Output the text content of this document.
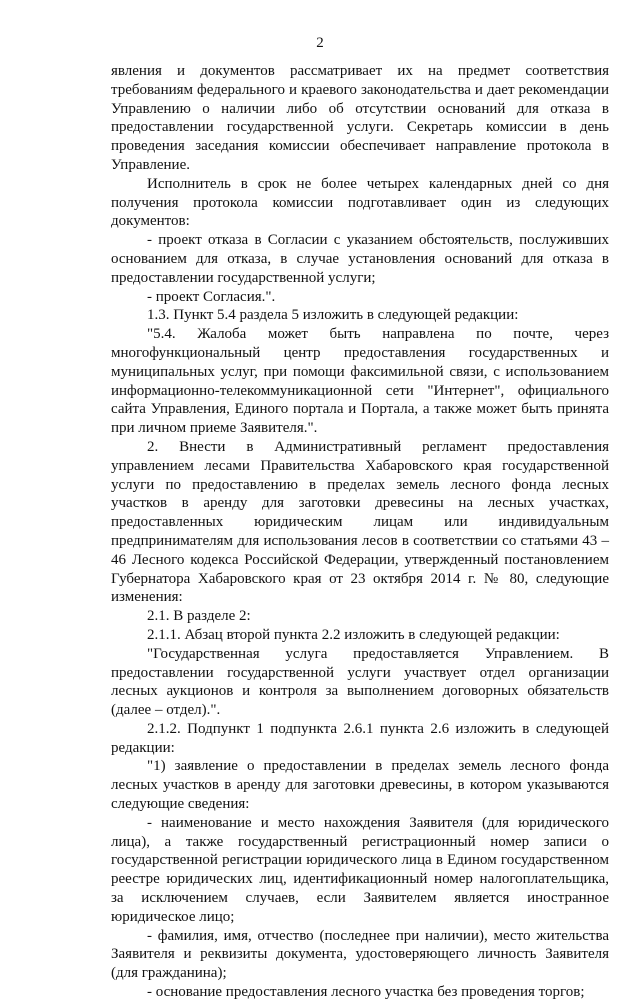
2

явления и документов рассматривает их на предмет соответствия требованиям федерального и краевого законодательства и дает рекомендации Управлению о наличии либо об отсутствии оснований для отказа в предоставлении государственной услуги. Секретарь комиссии в день проведения заседания комиссии обеспечивает направление протокола в Управление.

Исполнитель в срок не более четырех календарных дней со дня получения протокола комиссии подготавливает один из следующих документов:

- проект отказа в Согласии с указанием обстоятельств, послуживших основанием для отказа, в случае установления оснований для отказа в предоставлении государственной услуги;

- проект Согласия.".

1.3. Пункт 5.4 раздела 5 изложить в следующей редакции:

"5.4. Жалоба может быть направлена по почте, через многофункциональный центр предоставления государственных и муниципальных услуг, при помощи факсимильной связи, с использованием информационно-телекоммуникационной сети "Интернет", официального сайта Управления, Единого портала и Портала, а также может быть принята при личном приеме Заявителя.".

2. Внести в Административный регламент предоставления управлением лесами Правительства Хабаровского края государственной услуги по предоставлению в пределах земель лесного фонда лесных участков в аренду для заготовки древесины на лесных участках, предоставленных юридическим лицам или индивидуальным предпринимателям для использования лесов в соответствии со статьями 43 – 46 Лесного кодекса Российской Федерации, утвержденный постановлением Губернатора Хабаровского края от 23 октября 2014 г. № 80, следующие изменения:

2.1. В разделе 2:

2.1.1. Абзац второй пункта 2.2 изложить в следующей редакции:

"Государственная услуга предоставляется Управлением. В предоставлении государственной услуги участвует отдел организации лесных аукционов и контроля за выполнением договорных обязательств (далее – отдел).".

2.1.2. Подпункт 1 подпункта 2.6.1 пункта 2.6 изложить в следующей редакции:

"1) заявление о предоставлении в пределах земель лесного фонда лесных участков в аренду для заготовки древесины, в котором указываются следующие сведения:

- наименование и место нахождения Заявителя (для юридического лица), а также государственный регистрационный номер записи о государственной регистрации юридического лица в Едином государственном реестре юридических лиц, идентификационный номер налогоплательщика, за исключением случаев, если Заявителем является иностранное юридическое лицо;

- фамилия, имя, отчество (последнее при наличии), место жительства Заявителя и реквизиты документа, удостоверяющего личность Заявителя (для гражданина);

- основание предоставления лесного участка без проведения торгов;
